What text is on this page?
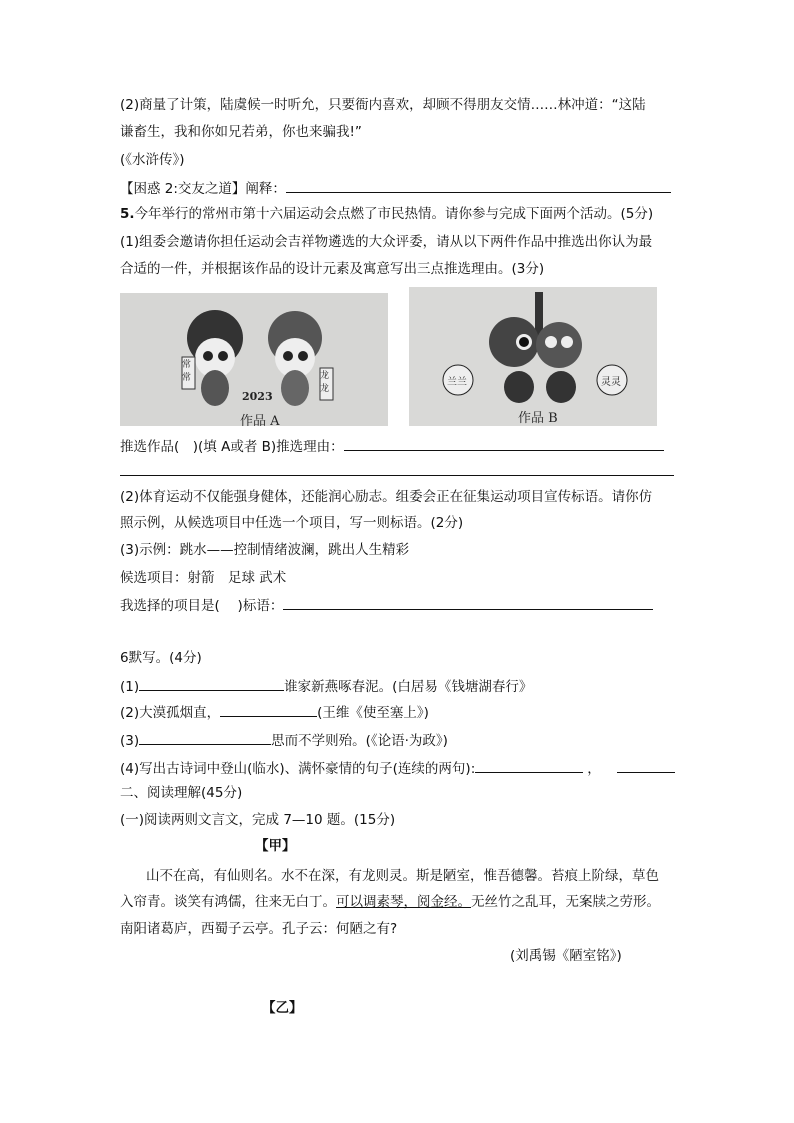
(2)商量了计策，陆虞候一时听允，只要衙内喜欢，却顾不得朋友交情……林冲道：“这陆
谦畜生，我和你如兄若弟，你也来骗我!”
(《水浒传》)
【困惑 2:交友之道】阐释：
5.今年举行的常州市第十六届运动会点燃了市民热情。请你参与完成下面两个活动。(5分)
(1)组委会邀请你担任运动会吉祥物遴选的大众评委，请从以下两件作品中推选出你认为最
合适的一件，并根据该作品的设计元素及寓意写出三点推选理由。(3分)
常常	龙龙
2023
作品 A
兰兰	灵灵
作品 B
推选作品(　)(填 A或者 B)推选理由：
(2)体育运动不仅能强身健体，还能润心励志。组委会正在征集运动项目宣传标语。请你仿
照示例，从候选项目中任选一个项目，写一则标语。(2分)
(3)示例：跳水——控制情绪波澜，跳出人生精彩
候选项目：射箭　足球 武术
我选择的项目是(　 )标语：
6默写。(4分)
(1)	谁家新燕啄春泥。(白居易《钱塘湖春行》
(2)大漠孤烟直，	(王维《使至塞上》)
(3)	思而不学则殆。(《论语·为政》)
(4)写出古诗词中登山(临水)、满怀豪情的句子(连续的两句):	，
二、阅读理解(45分)
(一)阅读两则文言文，完成 7—10 题。(15分)
【甲】
山不在高，有仙则名。水不在深，有龙则灵。斯是陋室，惟吾德馨。苔痕上阶绿，草色
入帘青。谈笑有鸿儒，往来无白丁。可以调素琴，阅金经。无丝竹之乱耳，无案牍之劳形。
南阳诸葛庐，西蜀子云亭。孔子云：何陋之有?
(刘禹锡《陋室铭》)
【乙】
